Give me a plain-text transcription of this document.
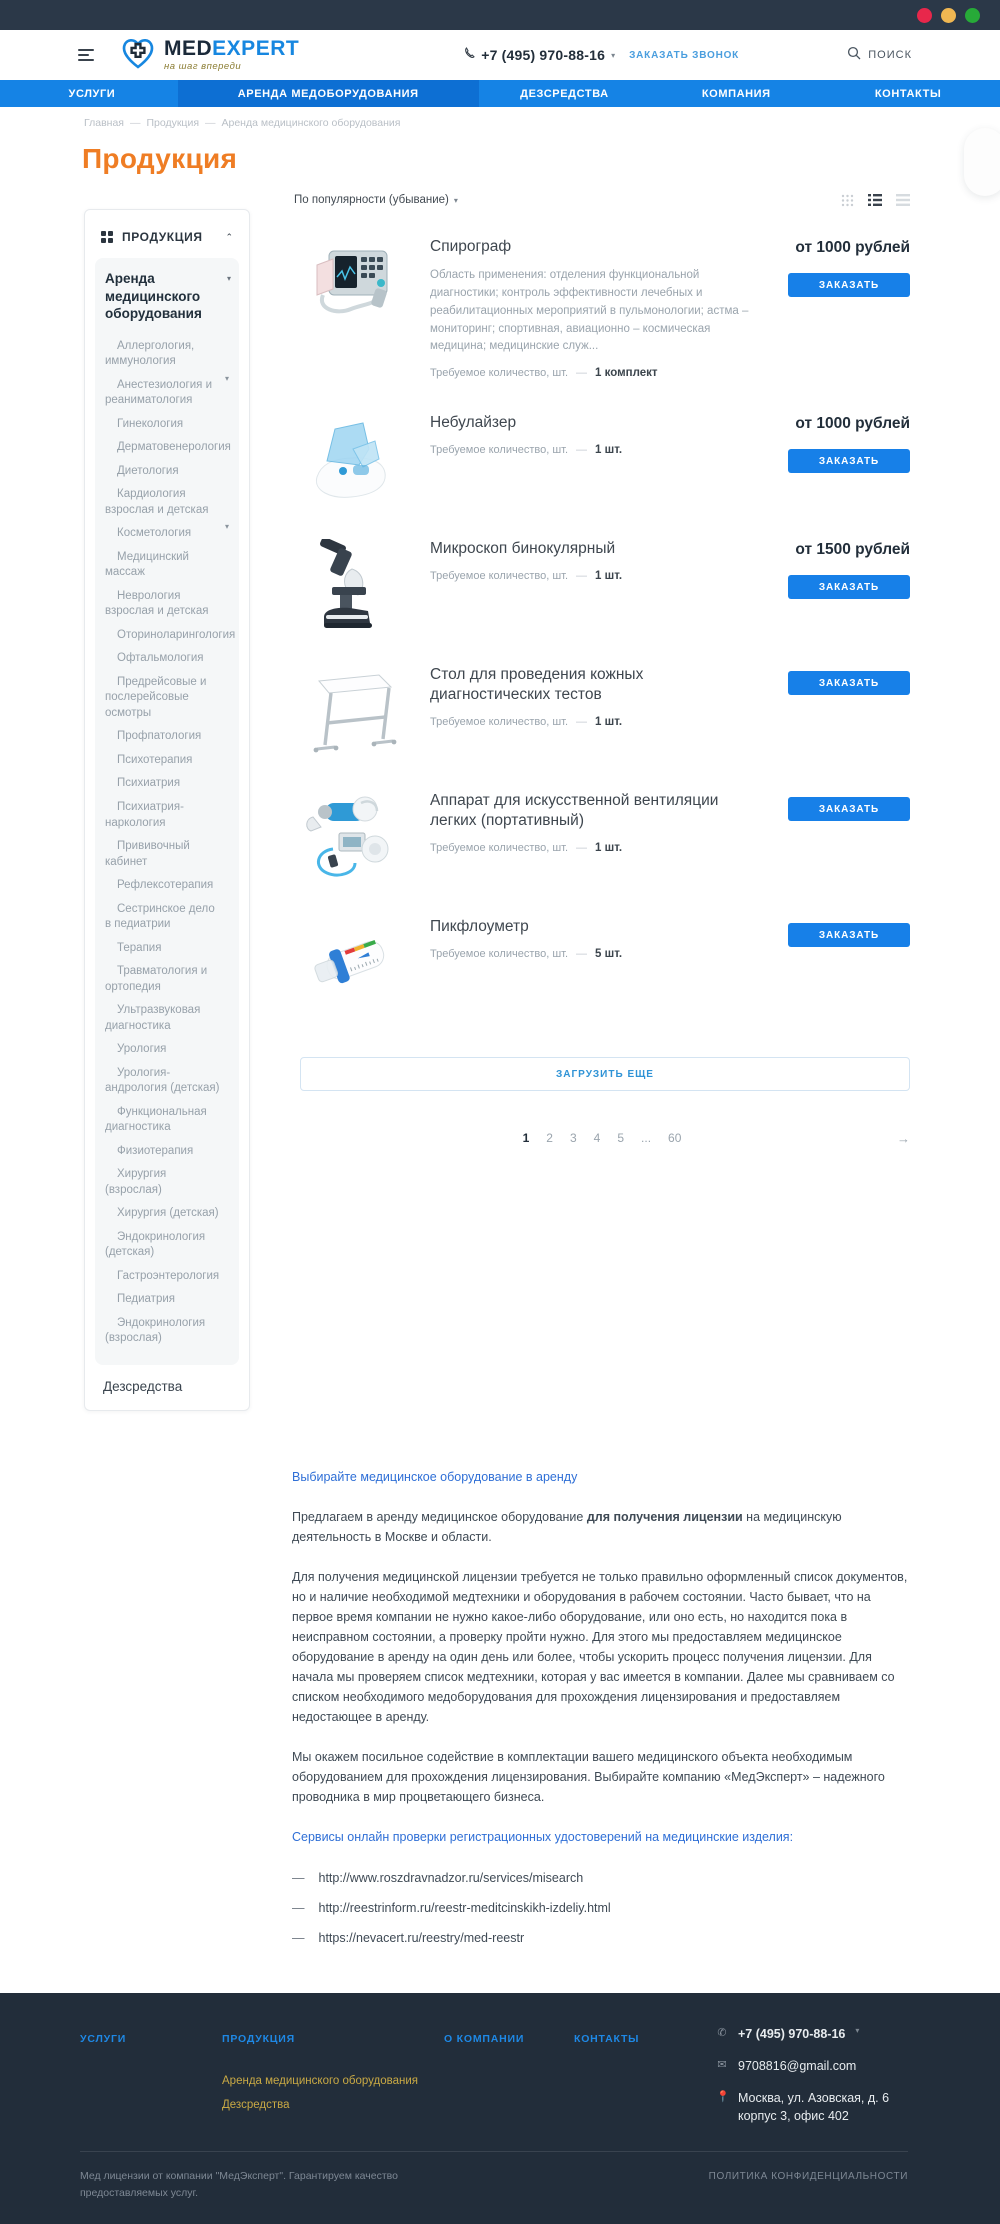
MED EXPERT
на шаг впереди
+7 (495) 970-88-16 ▾ ЗАКАЗАТЬ ЗВОНОК	ПОИСК
УСЛУГИ	АРЕНДА МЕДОБОРУДОВАНИЯ	ДЕЗСРЕДСТВА	КОМПАНИЯ	КОНТАКТЫ
Главная — Продукция — Аренда медицинского оборудования
Продукция
ПРОДУКЦИЯ	⌃
Аренда медицинского оборудования
▾
Аллергология, иммунология
Анестезиология и реаниматология
▾
Гинекология
Дерматовенерология
Диетология
Кардиология взрослая и детская
Косметология
▾
Медицинский массаж
Неврология взрослая и детская
Оториноларингология
Офтальмология
Предрейсовые и послерейсовые осмотры
Профпатология
Психотерапия
Психиатрия
Психиатрия-наркология
Прививочный кабинет
Рефлексотерапия
Сестринское дело в педиатрии
Терапия
Травматология и ортопедия
Ультразвуковая диагностика
Урология
Урология-андрология (детская)
Функциональная диагностика
Физиотерапия
Хирургия (взрослая)
Хирургия (детская)
Эндокринология (детская)
Гастроэнтерология
Педиатрия
Эндокринология (взрослая)
Дезсредства
По популярности (убывание) ▾
Спирограф
Область применения: отделения функциональной диагностики; контроль эффективности лечебных и реабилитационных мероприятий в пульмонологии; астма – мониторинг; спортивная, авиационно – космическая медицина; медицинские служ...
Требуемое количество, шт. — 1 комплект
от 1000 рублей
ЗАКАЗАТЬ
Небулайзер
Требуемое количество, шт. — 1 шт.
от 1000 рублей
ЗАКАЗАТЬ
Микроскоп бинокулярный
Требуемое количество, шт. — 1 шт.
от 1500 рублей
ЗАКАЗАТЬ
Стол для проведения кожных диагностических тестов
Требуемое количество, шт. — 1 шт.
ЗАКАЗАТЬ
Аппарат для искусственной вентиляции легких (портативный)
Требуемое количество, шт. — 1 шт.
ЗАКАЗАТЬ
Пикфлоуметр
Требуемое количество, шт. — 5 шт.
ЗАКАЗАТЬ
ЗАГРУЗИТЬ ЕЩЕ
1 2 3 4 5 ... 60	→
Выбирайте медицинское оборудование в аренду

Предлагаем в аренду медицинское оборудование для получения лицензии на медицинскую деятельность в Москве и области.

Для получения медицинской лицензии требуется не только правильно оформленный список документов, но и наличие необходимой медтехники и оборудования в рабочем состоянии. Часто бывает, что на первое время компании не нужно какое-либо оборудование, или оно есть, но находится пока в неисправном состоянии, а проверку пройти нужно. Для этого мы предоставляем медицинское оборудование в аренду на один день или более, чтобы ускорить процесс получения лицензии. Для начала мы проверяем список медтехники, которая у вас имеется в компании. Далее мы сравниваем со списком необходимого медоборудования для прохождения лицензирования и предоставляем недостающее в аренду.

Мы окажем посильное содействие в комплектации вашего медицинского объекта необходимым оборудованием для прохождения лицензирования. Выбирайте компанию «МедЭксперт» – надежного проводника в мир процветающего бизнеса.

Сервисы онлайн проверки регистрационных удостоверений на медицинские изделия:
— http://www.roszdravnadzor.ru/services/misearch
— http://reestrinform.ru/reestr-meditcinskikh-izdeliy.html
— https://nevacert.ru/reestry/med-reestr
УСЛУГИ	ПРОДУКЦИЯ
Аренда медицинского оборудования
Дезсредства
О КОМПАНИИ	КОНТАКТЫ	✆ +7 (495) 970-88-16 ▾
✉ 9708816@gmail.com
📍 Москва, ул. Азовская, д. 6 корпус 3, офис 402
Мед лицензии от компании "МедЭксперт". Гарантируем качество предоставляемых услуг.
ПОЛИТИКА КОНФИДЕНЦИАЛЬНОСТИ
